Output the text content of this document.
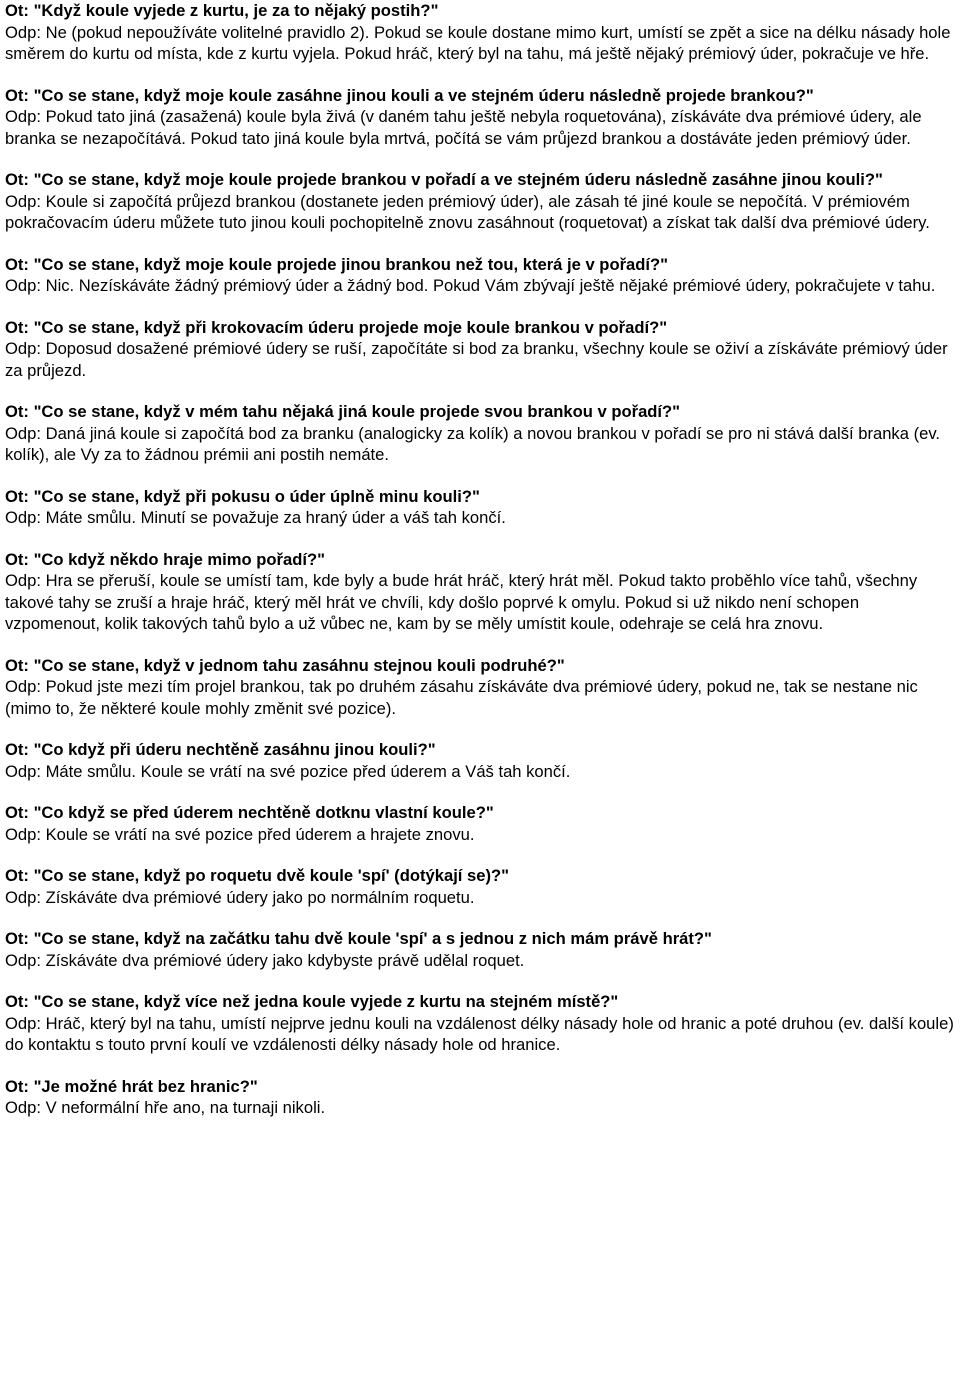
Ot: "Když koule vyjede z kurtu, je za to nějaký postih?"

Odp: Ne (pokud nepoužíváte volitelné pravidlo 2). Pokud se koule dostane mimo kurt, umístí se zpět a sice na délku násady hole směrem do kurtu od místa, kde z kurtu vyjela. Pokud hráč, který byl na tahu, má ještě nějaký prémiový úder, pokračuje ve hře.

Ot: "Co se stane, když moje koule zasáhne jinou kouli a ve stejném úderu následně projede brankou?"

Odp: Pokud tato jiná (zasažená) koule byla živá (v daném tahu ještě nebyla roquetována), získáváte dva prémiové údery, ale branka se nezapočítává. Pokud tato jiná koule byla mrtvá, počítá se vám průjezd brankou a dostáváte jeden prémiový úder.

Ot: "Co se stane, když moje koule projede brankou v pořadí a ve stejném úderu následně zasáhne jinou kouli?"

Odp: Koule si započítá průjezd brankou (dostanete jeden prémiový úder), ale zásah té jiné koule se nepočítá. V prémiovém pokračovacím úderu můžete tuto jinou kouli pochopitelně znovu zasáhnout (roquetovat) a získat tak další dva prémiové údery.

Ot: "Co se stane, když moje koule projede jinou brankou než tou, která je v pořadí?"

Odp: Nic. Nezískáváte žádný prémiový úder a žádný bod. Pokud Vám zbývají ještě nějaké prémiové údery, pokračujete v tahu.

Ot: "Co se stane, když při krokovacím úderu projede moje koule brankou v pořadí?"

Odp: Doposud dosažené prémiové údery se ruší, započítáte si bod za branku, všechny koule se oživí a získáváte prémiový úder za průjezd.

Ot: "Co se stane, když v mém tahu nějaká jiná koule projede svou brankou v pořadí?"

Odp: Daná jiná koule si započítá bod za branku (analogicky za kolík) a novou brankou v pořadí se pro ni stává další branka (ev. kolík), ale Vy za to žádnou prémii ani postih nemáte.

Ot: "Co se stane, když při pokusu o úder úplně minu kouli?"

Odp: Máte smůlu. Minutí se považuje za hraný úder a váš tah končí.

Ot: "Co když někdo hraje mimo pořadí?"

Odp: Hra se přeruší, koule se umístí tam, kde byly a bude hrát hráč, který hrát měl. Pokud takto proběhlo více tahů, všechny takové tahy se zruší a hraje hráč, který měl hrát ve chvíli, kdy došlo poprvé k omylu. Pokud si už nikdo není schopen vzpomenout, kolik takových tahů bylo a už vůbec ne, kam by se měly umístit koule, odehraje se celá hra znovu.

Ot: "Co se stane, když v jednom tahu zasáhnu stejnou kouli podruhé?"

Odp: Pokud jste mezi tím projel brankou, tak po druhém zásahu získáváte dva prémiové údery, pokud ne, tak se nestane nic (mimo to, že některé koule mohly změnit své pozice).

Ot: "Co když při úderu nechtěně zasáhnu jinou kouli?"

Odp: Máte smůlu. Koule se vrátí na své pozice před úderem a Váš tah končí.

Ot: "Co když se před úderem nechtěně dotknu vlastní koule?"

Odp: Koule se vrátí na své pozice před úderem a hrajete znovu.

Ot: "Co se stane, když po roquetu dvě koule 'spí' (dotýkají se)?"

Odp: Získáváte dva prémiové údery jako po normálním roquetu.

Ot: "Co se stane, když na začátku tahu dvě koule 'spí' a s jednou z nich mám právě hrát?"

Odp: Získáváte dva prémiové údery jako kdybyste právě udělal roquet.

Ot: "Co se stane, když více než jedna koule vyjede z kurtu na stejném místě?"

Odp: Hráč, který byl na tahu, umístí nejprve jednu kouli na vzdálenost délky násady hole od hranic a poté druhou (ev. další koule) do kontaktu s touto první koulí ve vzdálenosti délky násady hole od hranice.

Ot: "Je možné hrát bez hranic?"

Odp: V neformální hře ano, na turnaji nikoli.
